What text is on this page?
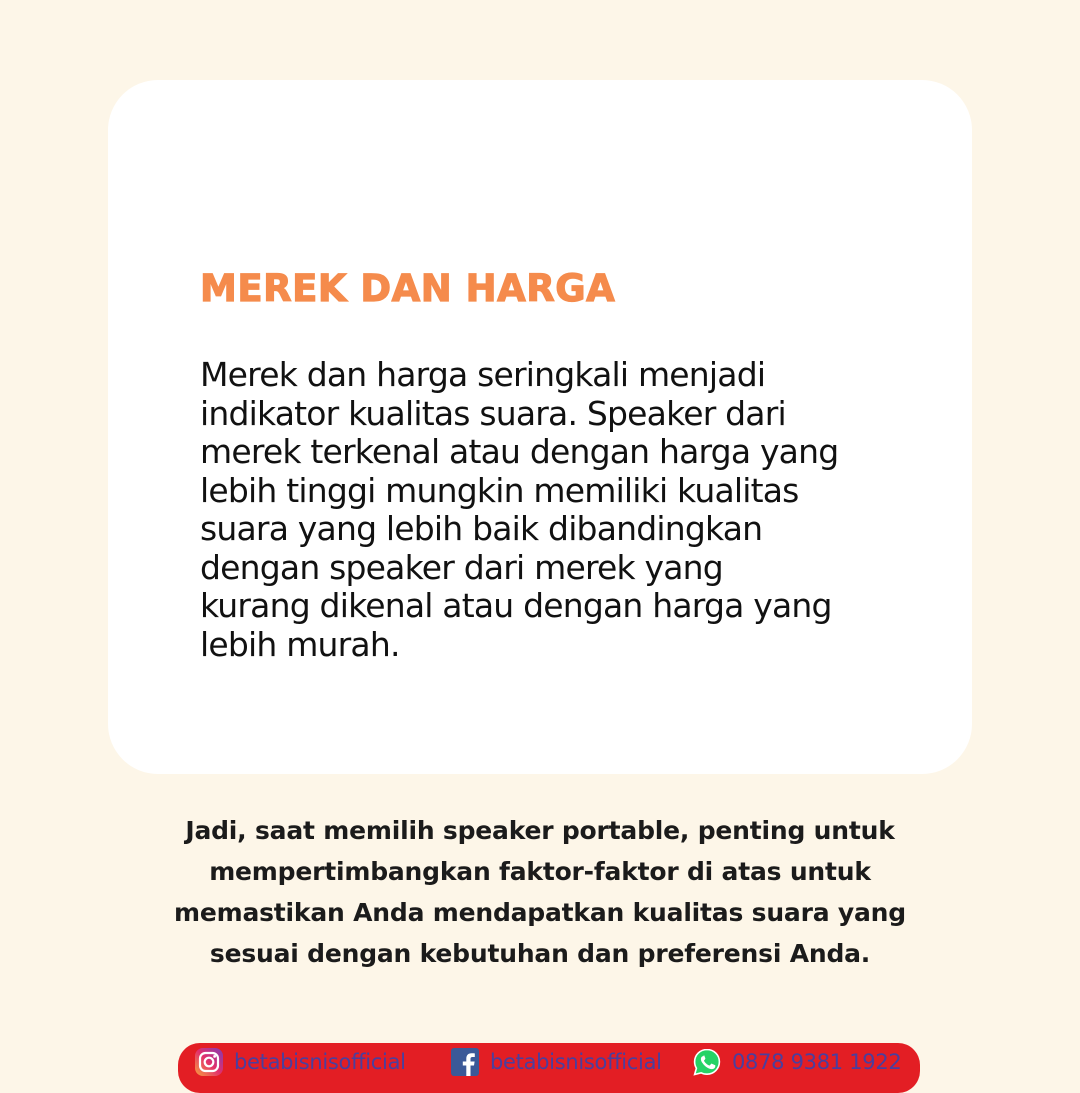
MEREK DAN HARGA

Merek dan harga seringkali menjadi
indikator kualitas suara. Speaker dari
merek terkenal atau dengan harga yang
lebih tinggi mungkin memiliki kualitas
suara yang lebih baik dibandingkan
dengan speaker dari merek yang
kurang dikenal atau dengan harga yang
lebih murah.

Jadi, saat memilih speaker portable, penting untuk
mempertimbangkan faktor-faktor di atas untuk
memastikan Anda mendapatkan kualitas suara yang
sesuai dengan kebutuhan dan preferensi Anda.

betabisnisofficial	betabisnisofficial	0878 9381 1922
